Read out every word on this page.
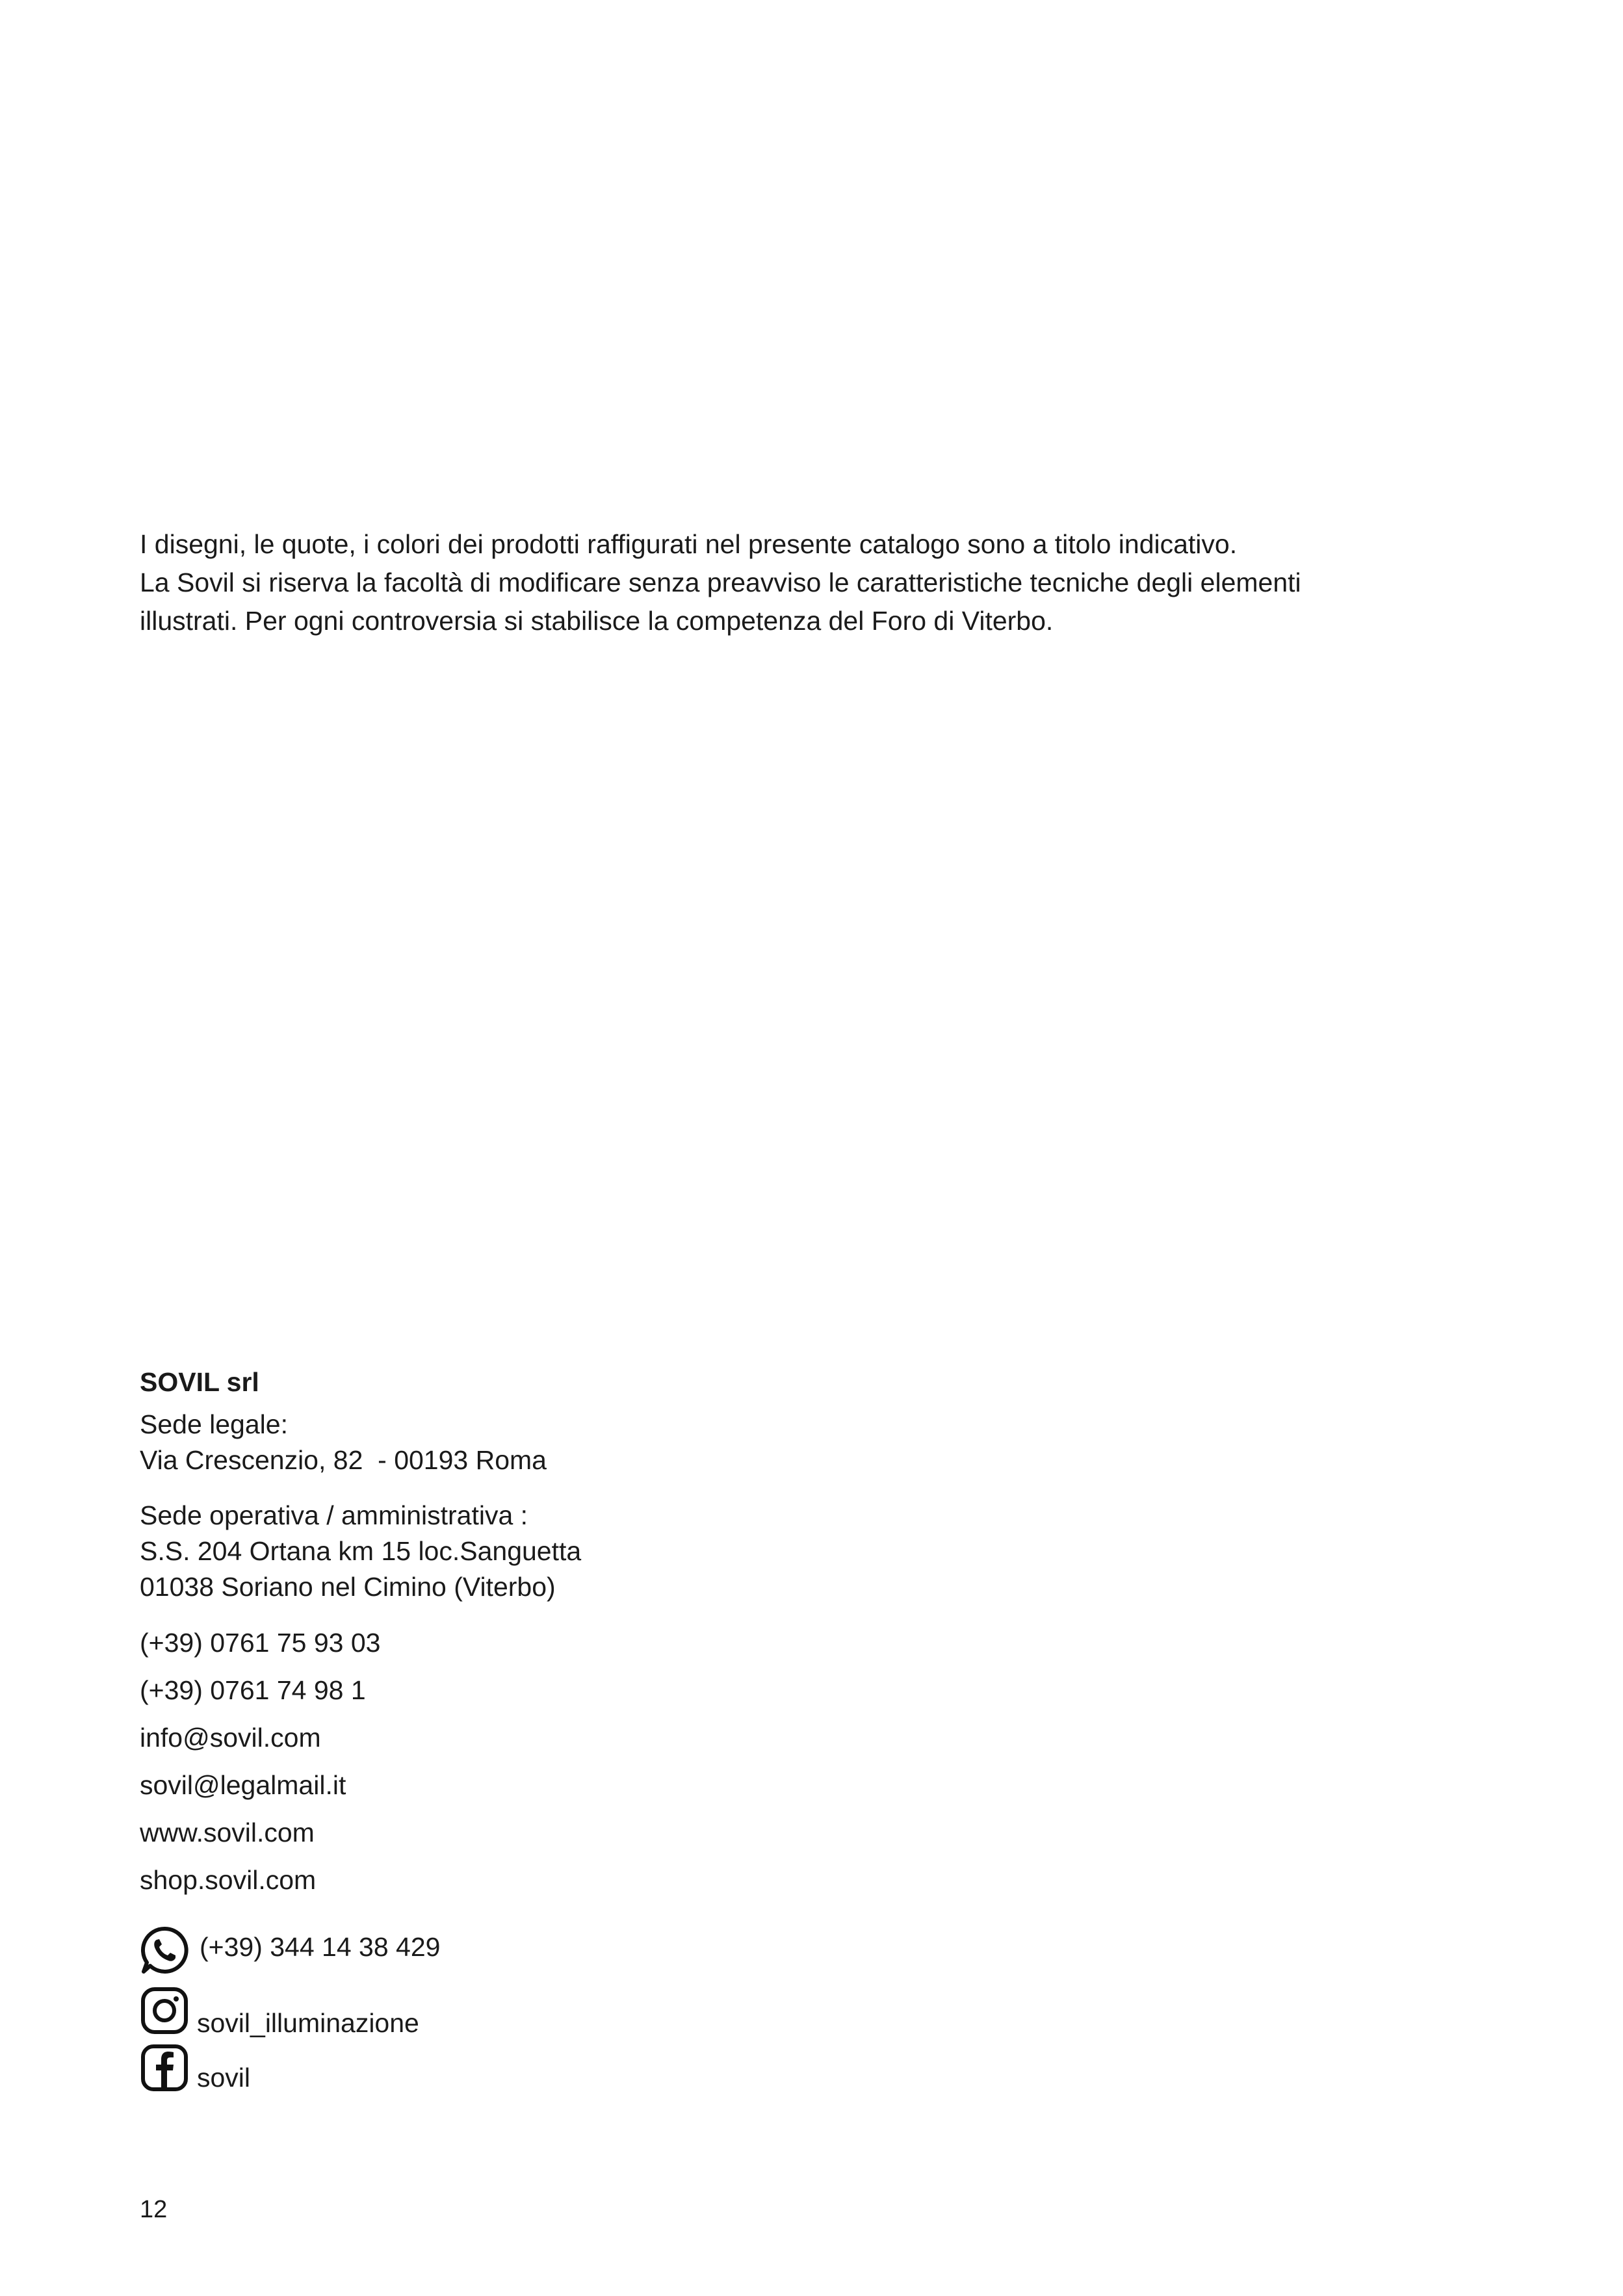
I disegni, le quote, i colori dei prodotti raffigurati nel presente catalogo sono a titolo indicativo.
La Sovil si riserva la facoltà di modificare senza preavviso le caratteristiche tecniche degli elementi
illustrati. Per ogni controversia si stabilisce la competenza del Foro di Viterbo.
SOVIL srl
Sede legale:
Via Crescenzio, 82  - 00193 Roma
Sede operativa / amministrativa :
S.S. 204 Ortana km 15 loc.Sanguetta
01038 Soriano nel Cimino (Viterbo)
(+39) 0761 75 93 03
(+39) 0761 74 98 1
info@sovil.com
sovil@legalmail.it
www.sovil.com
shop.sovil.com
(+39) 344 14 38 429
sovil_illuminazione
sovil
12
